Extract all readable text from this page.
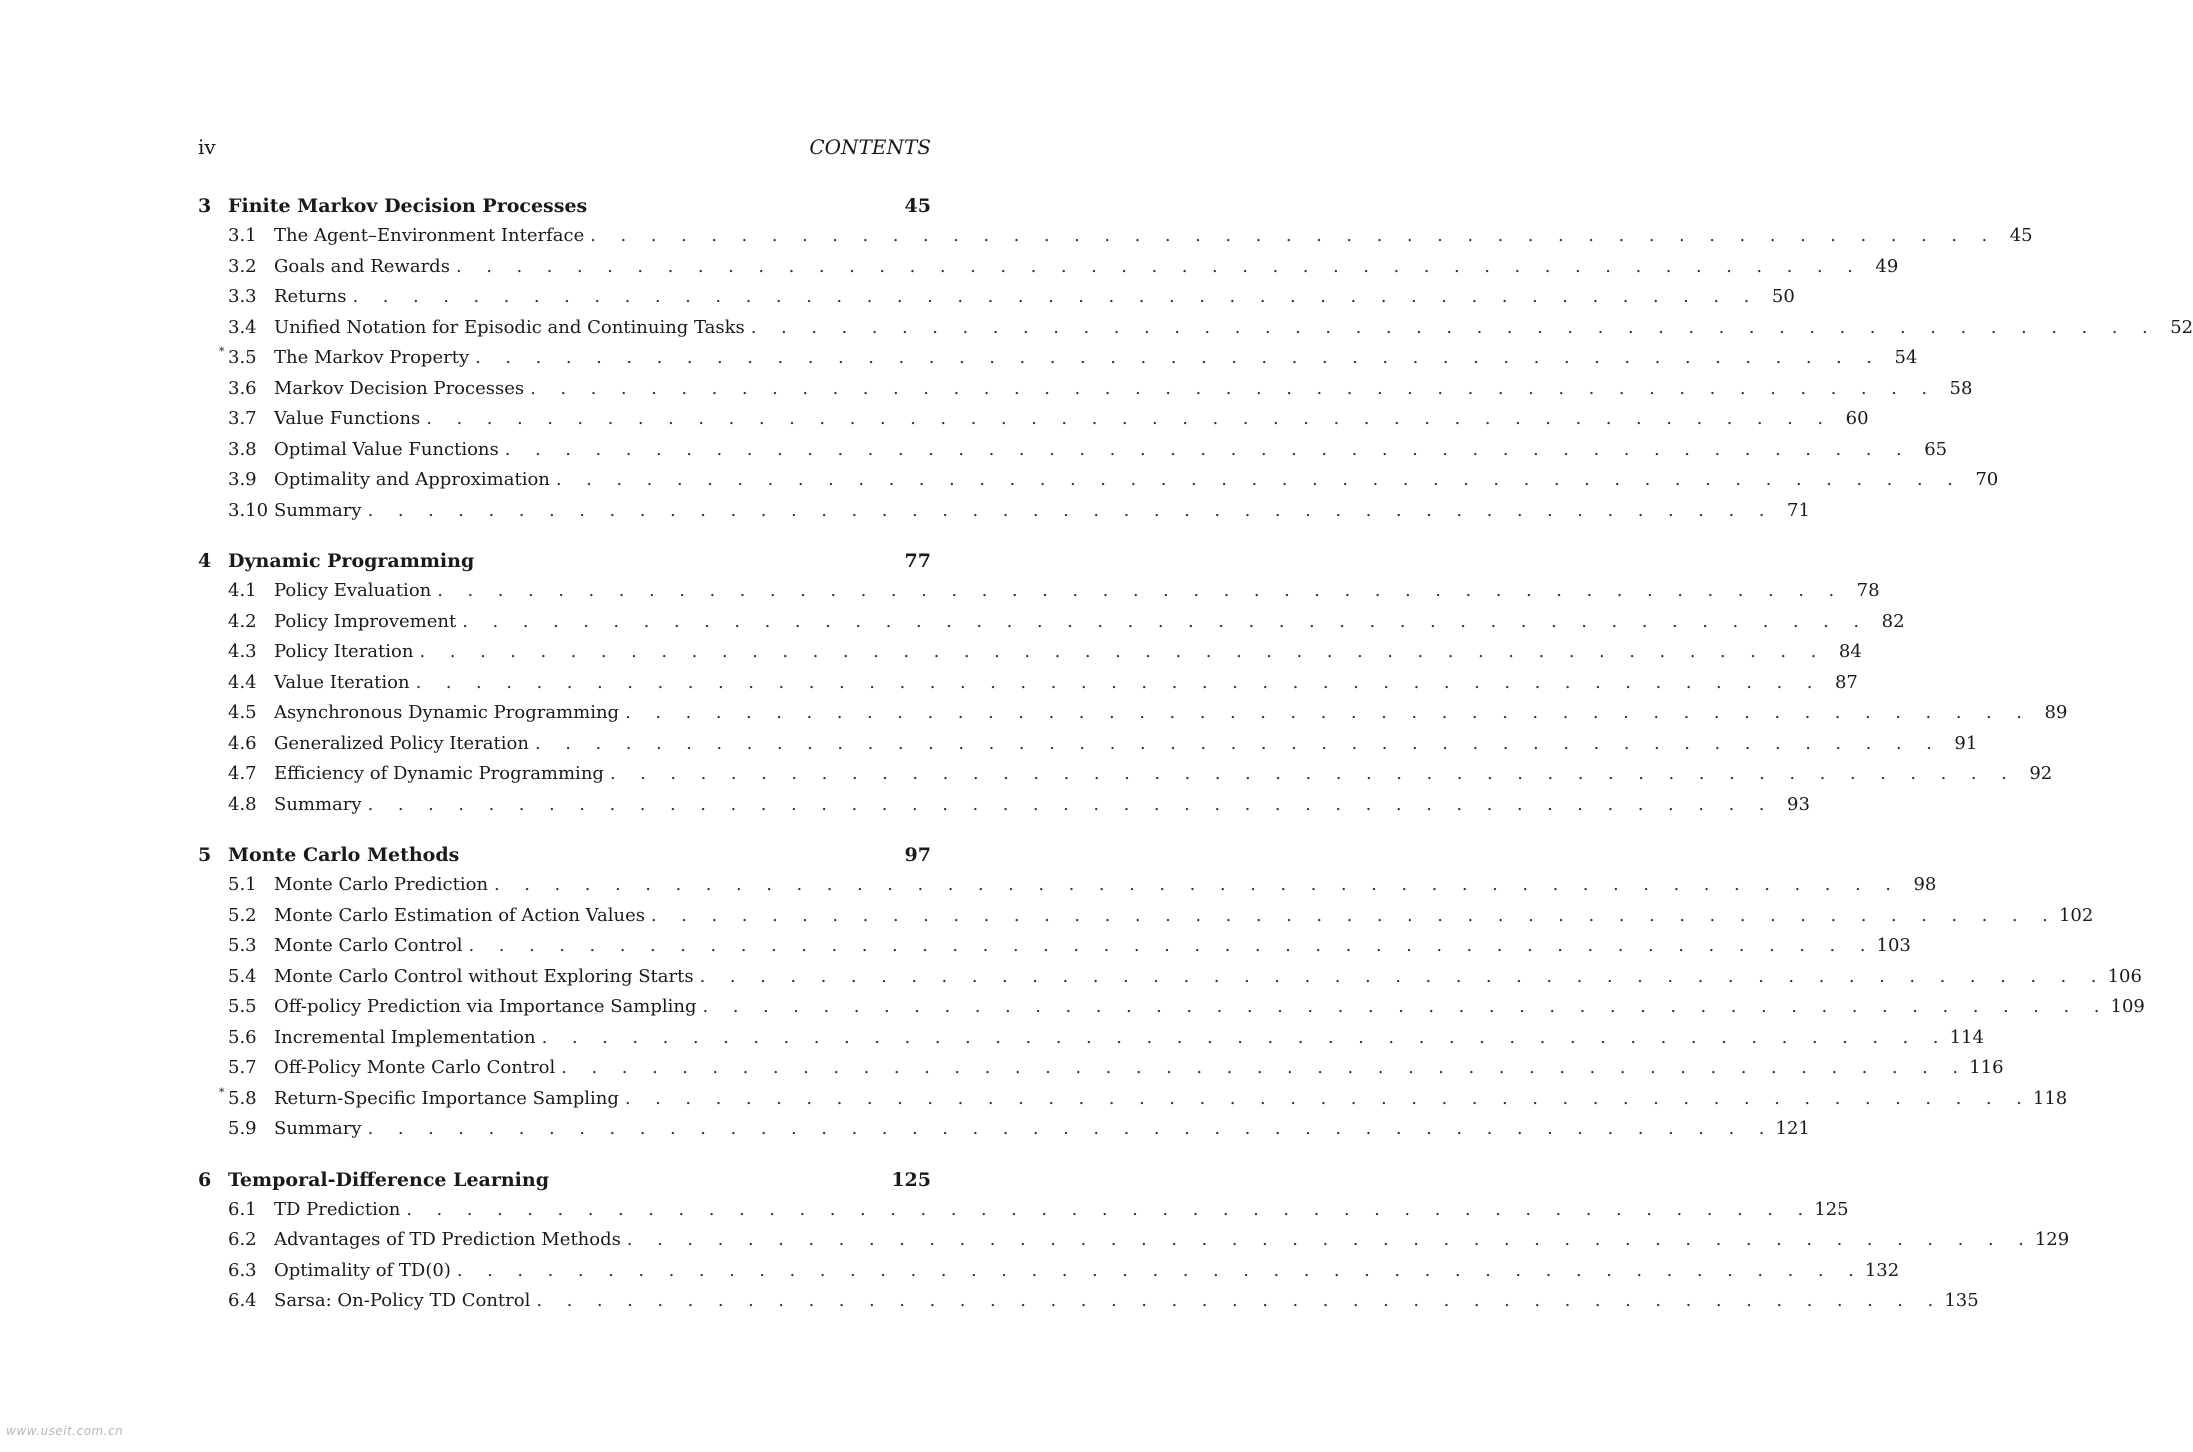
iv	CONTENTS
3 Finite Markov Decision Processes	45
3.1 The Agent–Environment Interface . . . . . . . . . . . . . . . . . . . . . . . . . . . . . . . . . . . . . . . . . . . . . . . 45
3.2 Goals and Rewards . . . . . . . . . . . . . . . . . . . . . . . . . . . . . . . . . . . . . . . . . . . . . . . 49
3.3 Returns . . . . . . . . . . . . . . . . . . . . . . . . . . . . . . . . . . . . . . . . . . . . . . . 50
3.4 Unified Notation for Episodic and Continuing Tasks . . . . . . . . . . . . . . . . . . . . . . . . . . . . . . . . . . . . . . . . . . . . . . . 52
* 3.5 The Markov Property . . . . . . . . . . . . . . . . . . . . . . . . . . . . . . . . . . . . . . . . . . . . . . . 54
3.6 Markov Decision Processes . . . . . . . . . . . . . . . . . . . . . . . . . . . . . . . . . . . . . . . . . . . . . . . 58
3.7 Value Functions . . . . . . . . . . . . . . . . . . . . . . . . . . . . . . . . . . . . . . . . . . . . . . . 60
3.8 Optimal Value Functions . . . . . . . . . . . . . . . . . . . . . . . . . . . . . . . . . . . . . . . . . . . . . . . 65
3.9 Optimality and Approximation . . . . . . . . . . . . . . . . . . . . . . . . . . . . . . . . . . . . . . . . . . . . . . . 70
3.10 Summary . . . . . . . . . . . . . . . . . . . . . . . . . . . . . . . . . . . . . . . . . . . . . . . 71
4 Dynamic Programming	77
4.1 Policy Evaluation . . . . . . . . . . . . . . . . . . . . . . . . . . . . . . . . . . . . . . . . . . . . . . . 78
4.2 Policy Improvement . . . . . . . . . . . . . . . . . . . . . . . . . . . . . . . . . . . . . . . . . . . . . . . 82
4.3 Policy Iteration . . . . . . . . . . . . . . . . . . . . . . . . . . . . . . . . . . . . . . . . . . . . . . . 84
4.4 Value Iteration . . . . . . . . . . . . . . . . . . . . . . . . . . . . . . . . . . . . . . . . . . . . . . . 87
4.5 Asynchronous Dynamic Programming . . . . . . . . . . . . . . . . . . . . . . . . . . . . . . . . . . . . . . . . . . . . . . . 89
4.6 Generalized Policy Iteration . . . . . . . . . . . . . . . . . . . . . . . . . . . . . . . . . . . . . . . . . . . . . . . 91
4.7 Efficiency of Dynamic Programming . . . . . . . . . . . . . . . . . . . . . . . . . . . . . . . . . . . . . . . . . . . . . . . 92
4.8 Summary . . . . . . . . . . . . . . . . . . . . . . . . . . . . . . . . . . . . . . . . . . . . . . . 93
5 Monte Carlo Methods	97
5.1 Monte Carlo Prediction . . . . . . . . . . . . . . . . . . . . . . . . . . . . . . . . . . . . . . . . . . . . . . . 98
5.2 Monte Carlo Estimation of Action Values . . . . . . . . . . . . . . . . . . . . . . . . . . . . . . . . . . . . . . . . . . . . . . . 102
5.3 Monte Carlo Control . . . . . . . . . . . . . . . . . . . . . . . . . . . . . . . . . . . . . . . . . . . . . . . 103
5.4 Monte Carlo Control without Exploring Starts . . . . . . . . . . . . . . . . . . . . . . . . . . . . . . . . . . . . . . . . . . . . . . . 106
5.5 Off-policy Prediction via Importance Sampling . . . . . . . . . . . . . . . . . . . . . . . . . . . . . . . . . . . . . . . . . . . . . . . 109
5.6 Incremental Implementation . . . . . . . . . . . . . . . . . . . . . . . . . . . . . . . . . . . . . . . . . . . . . . . 114
5.7 Off-Policy Monte Carlo Control . . . . . . . . . . . . . . . . . . . . . . . . . . . . . . . . . . . . . . . . . . . . . . . 116
* 5.8 Return-Specific Importance Sampling . . . . . . . . . . . . . . . . . . . . . . . . . . . . . . . . . . . . . . . . . . . . . . . 118
5.9 Summary . . . . . . . . . . . . . . . . . . . . . . . . . . . . . . . . . . . . . . . . . . . . . . . 121
6 Temporal-Difference Learning	125
6.1 TD Prediction . . . . . . . . . . . . . . . . . . . . . . . . . . . . . . . . . . . . . . . . . . . . . . . 125
6.2 Advantages of TD Prediction Methods . . . . . . . . . . . . . . . . . . . . . . . . . . . . . . . . . . . . . . . . . . . . . . . 129
6.3 Optimality of TD(0) . . . . . . . . . . . . . . . . . . . . . . . . . . . . . . . . . . . . . . . . . . . . . . . 132
6.4 Sarsa: On-Policy TD Control . . . . . . . . . . . . . . . . . . . . . . . . . . . . . . . . . . . . . . . . . . . . . . . 135
www.useit.com.cn
